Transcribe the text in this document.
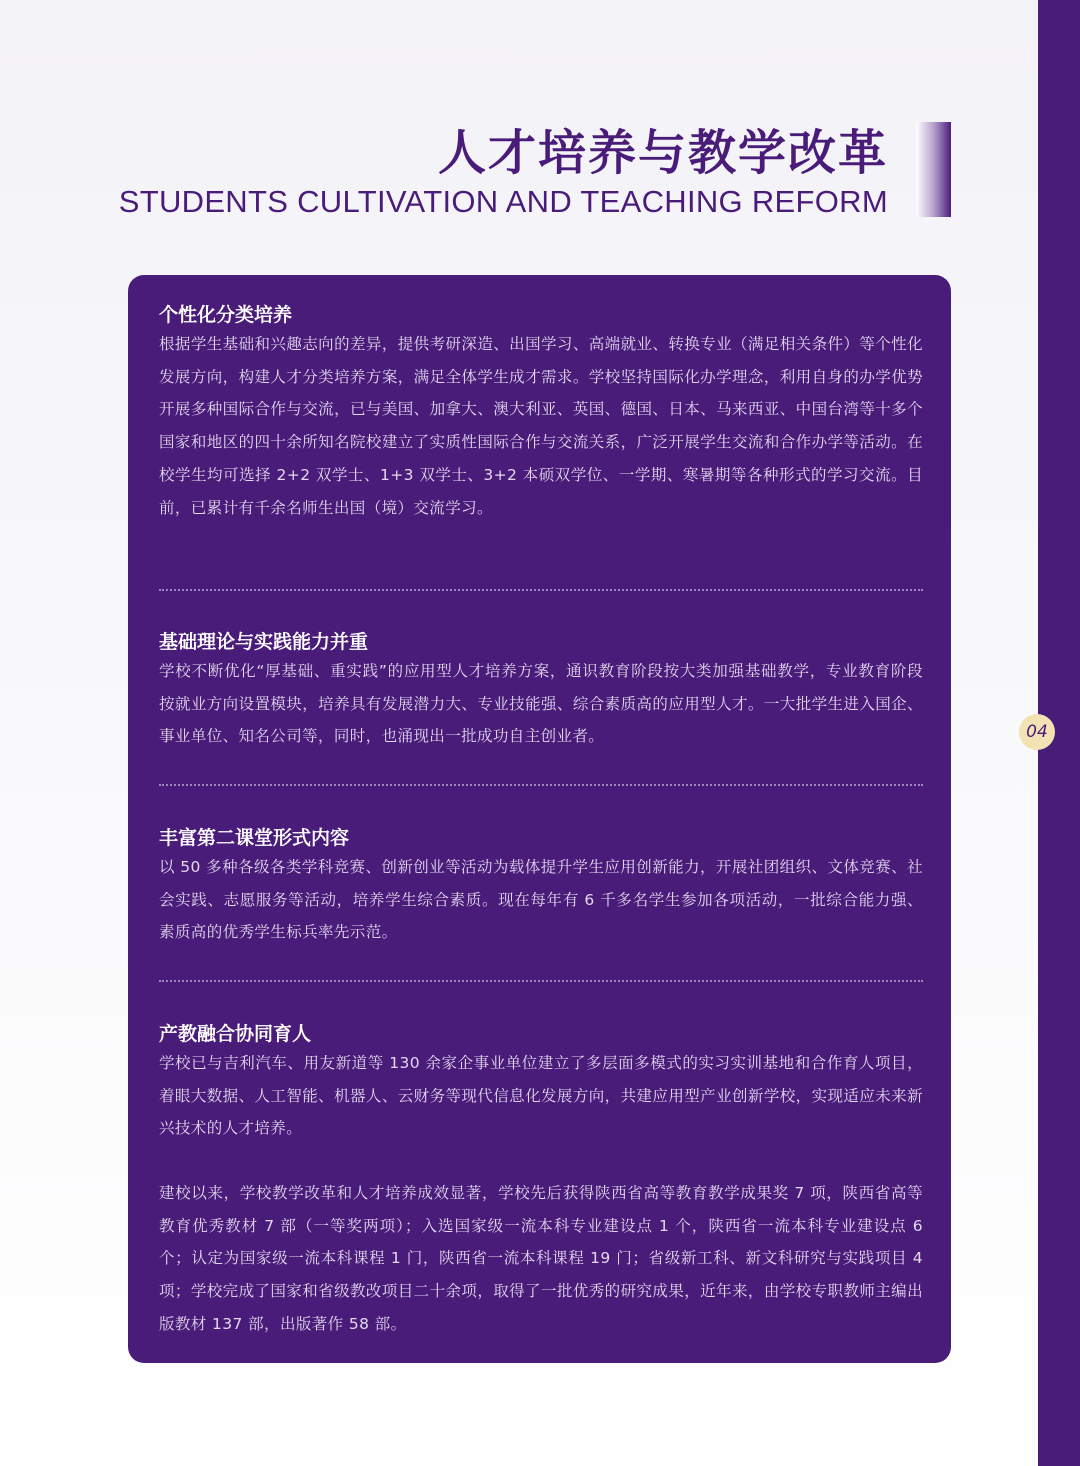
04
人才培养与教学改革
STUDENTS CULTIVATION AND TEACHING REFORM
个性化分类培养
根据学生基础和兴趣志向的差异，提供考研深造、出国学习、高端就业、转换专业（满足相关条件）等个性化发展方向，构建人才分类培养方案，满足全体学生成才需求。学校坚持国际化办学理念，利用自身的办学优势开展多种国际合作与交流，已与美国、加拿大、澳大利亚、英国、德国、日本、马来西亚、中国台湾等十多个国家和地区的四十余所知名院校建立了实质性国际合作与交流关系，广泛开展学生交流和合作办学等活动。在校学生均可选择 2+2 双学士、1+3 双学士、3+2 本硕双学位、一学期、寒暑期等各种形式的学习交流。目前，已累计有千余名师生出国（境）交流学习。
基础理论与实践能力并重
学校不断优化“厚基础、重实践”的应用型人才培养方案，通识教育阶段按大类加强基础教学，专业教育阶段按就业方向设置模块，培养具有发展潜力大、专业技能强、综合素质高的应用型人才。一大批学生进入国企、事业单位、知名公司等，同时，也涌现出一批成功自主创业者。
丰富第二课堂形式内容
以 50 多种各级各类学科竞赛、创新创业等活动为载体提升学生应用创新能力，开展社团组织、文体竞赛、社会实践、志愿服务等活动，培养学生综合素质。现在每年有 6 千多名学生参加各项活动，一批综合能力强、素质高的优秀学生标兵率先示范。
产教融合协同育人
学校已与吉利汽车、用友新道等 130 余家企事业单位建立了多层面多模式的实习实训基地和合作育人项目，着眼大数据、人工智能、机器人、云财务等现代信息化发展方向，共建应用型产业创新学校，实现适应未来新兴技术的人才培养。
建校以来，学校教学改革和人才培养成效显著，学校先后获得陕西省高等教育教学成果奖 7 项，陕西省高等教育优秀教材 7 部（一等奖两项）；入选国家级一流本科专业建设点 1 个，陕西省一流本科专业建设点 6 个；认定为国家级一流本科课程 1 门，陕西省一流本科课程 19 门；省级新工科、新文科研究与实践项目 4 项；学校完成了国家和省级教改项目二十余项，取得了一批优秀的研究成果，近年来，由学校专职教师主编出版教材 137 部，出版著作 58 部。
